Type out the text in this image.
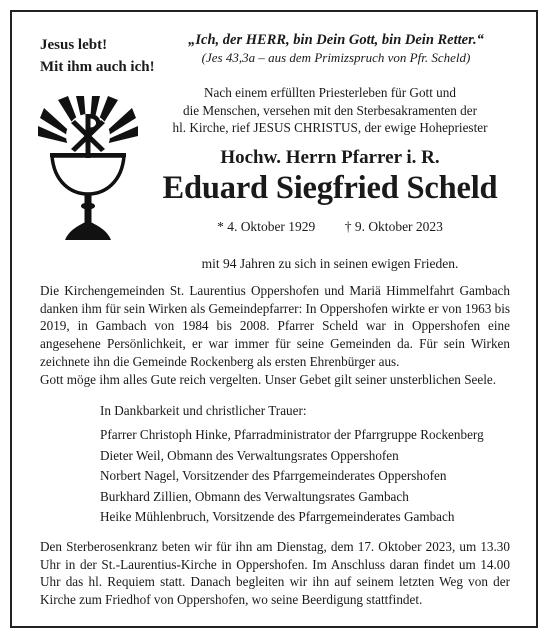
Jesus lebt!
Mit ihm auch ich!
„Ich, der HERR, bin Dein Gott, bin Dein Retter.“
(Jes 43,3a – aus dem Primizspruch von Pfr. Scheld)
Nach einem erfüllten Priesterleben für Gott und
die Menschen, versehen mit den Sterbesakramenten der
hl. Kirche, rief JESUS CHRISTUS, der ewige Hohepriester
Hochw. Herrn Pfarrer i. R.
Eduard Siegfried Scheld
* 4. Oktober 1929 † 9. Oktober 2023
mit 94 Jahren zu sich in seinen ewigen Frieden.

Die Kirchengemeinden St. Laurentius Oppershofen und Mariä Himmelfahrt Gambach danken ihm für sein Wirken als Gemeindepfarrer: In Oppershofen wirkte er von 1963 bis 2019, in Gambach von 1984 bis 2008. Pfarrer Scheld war in Oppershofen eine angesehene Persönlichkeit, er war immer für seine Gemeinden da. Für sein Wirken zeichnete ihn die Gemeinde Rockenberg als ersten Ehrenbürger aus.

Gott möge ihm alles Gute reich vergelten. Unser Gebet gilt seiner unsterblichen Seele.

In Dankbarkeit und christlicher Trauer:
Pfarrer Christoph Hinke, Pfarradministrator der Pfarrgruppe Rockenberg
Dieter Weil, Obmann des Verwaltungsrates Oppershofen
Norbert Nagel, Vorsitzender des Pfarrgemeinderates Oppershofen
Burkhard Zillien, Obmann des Verwaltungsrates Gambach
Heike Mühlenbruch, Vorsitzende des Pfarrgemeinderates Gambach

Den Sterberosenkranz beten wir für ihn am Dienstag, dem 17. Oktober 2023, um 13.30 Uhr in der St.-Laurentius-Kirche in Oppershofen. Im Anschluss daran findet um 14.00 Uhr das hl. Requiem statt. Danach begleiten wir ihn auf seinem letzten Weg von der Kirche zum Friedhof von Oppershofen, wo seine Beerdigung stattfindet.
